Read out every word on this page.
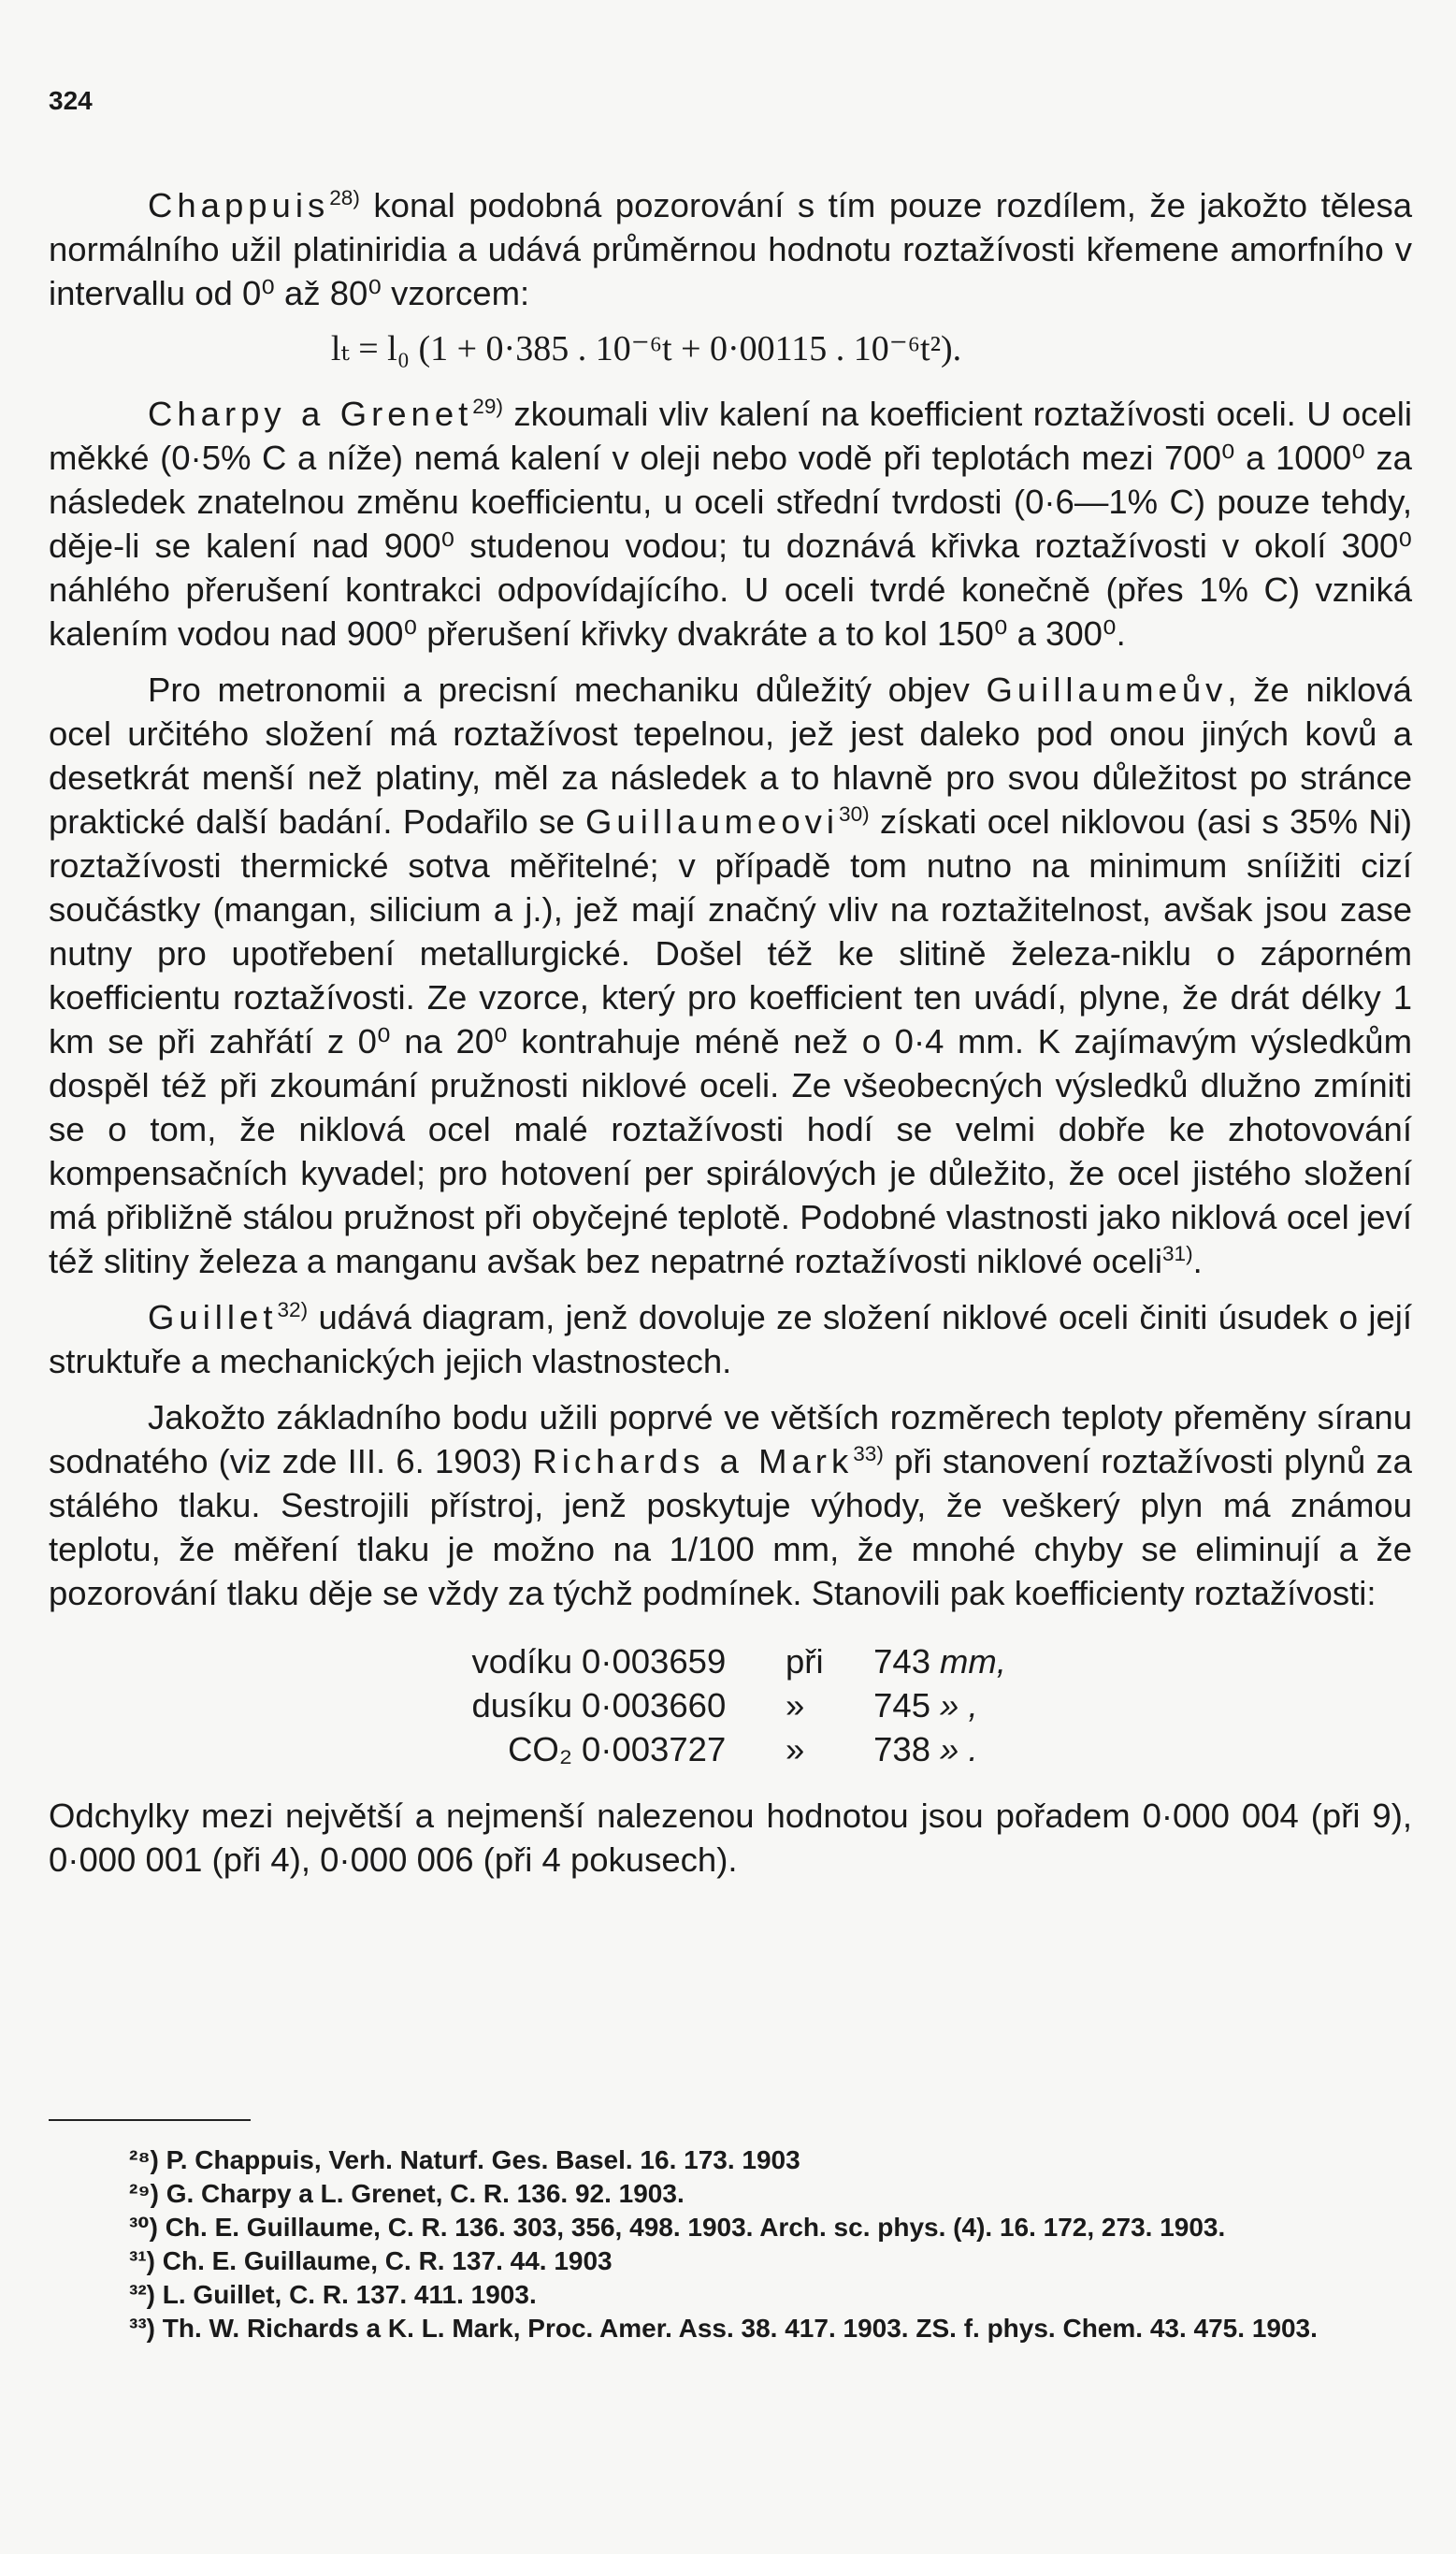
324

Chappuis$^{28)}$ konal podobná pozorování s tím pouze rozdílem, že jakožto tělesa normálního užil platiniridia a udává průměrnou hodnotu roztažívosti křemene amorfního v intervallu od 0⁰ až 80⁰ vzorcem:

lₜ = l₀ (1 + 0·385 . 10⁻⁶t + 0·00115 . 10⁻⁶t²).

Charpy a Grenet$^{29)}$ zkoumali vliv kalení na koefficient roztažívosti oceli. U oceli měkké (0·5% C a níže) nemá kalení v oleji nebo vodě při teplotách mezi 700⁰ a 1000⁰ za následek znatelnou změnu koefficientu, u oceli střední tvrdosti (0·6—1% C) pouze tehdy, děje-li se kalení nad 900⁰ studenou vodou; tu doznává křivka roztažívosti v okolí 300⁰ náhlého přerušení kontrakci odpovídajícího. U oceli tvrdé konečně (přes 1% C) vzniká kalením vodou nad 900⁰ přerušení křivky dvakráte a to kol 150⁰ a 300⁰.

Pro metronomii a precisní mechaniku důležitý objev Guillaumeův, že niklová ocel určitého složení má roztažívost tepelnou, jež jest daleko pod onou jiných kovů a desetkrát menší než platiny, měl za následek a to hlavně pro svou důležitost po stránce praktické další badání. Podařilo se Guillaumeovi$^{30)}$ získati ocel niklovou (asi s 35% Ni) roztažívosti thermické sotva měřitelné; v případě tom nutno na minimum sníižiti cizí součástky (mangan, silicium a j.), jež mají značný vliv na roztažitelnost, avšak jsou zase nutny pro upotřebení metallurgické. Došel též ke slitině železa-niklu o záporném koefficientu roztažívosti. Ze vzorce, který pro koefficient ten uvádí, plyne, že drát délky 1 km se při zahřátí z 0⁰ na 20⁰ kontrahuje méně než o 0·4 mm. K zajímavým výsledkům dospěl též při zkoumání pružnosti niklové oceli. Ze všeobecných výsledků dlužno zmíniti se o tom, že niklová ocel malé roztažívosti hodí se velmi dobře ke zhotovování kompensačních kyvadel; pro hotovení per spirálových je důležito, že ocel jistého složení má přibližně stálou pružnost při obyčejné teplotě. Podobné vlastnosti jako niklová ocel jeví též slitiny železa a manganu avšak bez nepatrné roztažívosti niklové oceli$^{31)}$.

Guillet$^{32)}$ udává diagram, jenž dovoluje ze složení niklové oceli činiti úsudek o její struktuře a mechanických jejich vlastnostech.

Jakožto základního bodu užili poprvé ve větších rozměrech teploty přeměny síranu sodnatého (viz zde III. 6. 1903) Richards a Mark$^{33)}$ při stanovení roztažívosti plynů za stálého tlaku. Sestrojili přístroj, jenž poskytuje výhody, že veškerý plyn má známou teplotu, že měření tlaku je možno na 1/100 mm, že mnohé chyby se eliminují a že pozorování tlaku děje se vždy za týchž podmínek. Stanovili pak koefficienty roztažívosti:

vodíku 0·003659	při	743 mm,
dusíku 0·003660	»	745 » ,
CO₂ 0·003727	»	738 » .

Odchylky mezi největší a nejmenší nalezenou hodnotou jsou pořadem 0·000 004 (při 9), 0·000 001 (při 4), 0·000 006 (při 4 pokusech).

²⁸) P. Chappuis, Verh. Naturf. Ges. Basel. 16. 173. 1903
²⁹) G. Charpy a L. Grenet, C. R. 136. 92. 1903.
³⁰) Ch. E. Guillaume, C. R. 136. 303, 356, 498. 1903. Arch. sc. phys. (4). 16. 172, 273. 1903.
³¹) Ch. E. Guillaume, C. R. 137. 44. 1903
³²) L. Guillet, C. R. 137. 411. 1903.
³³) Th. W. Richards a K. L. Mark, Proc. Amer. Ass. 38. 417. 1903. ZS. f. phys. Chem. 43. 475. 1903.
